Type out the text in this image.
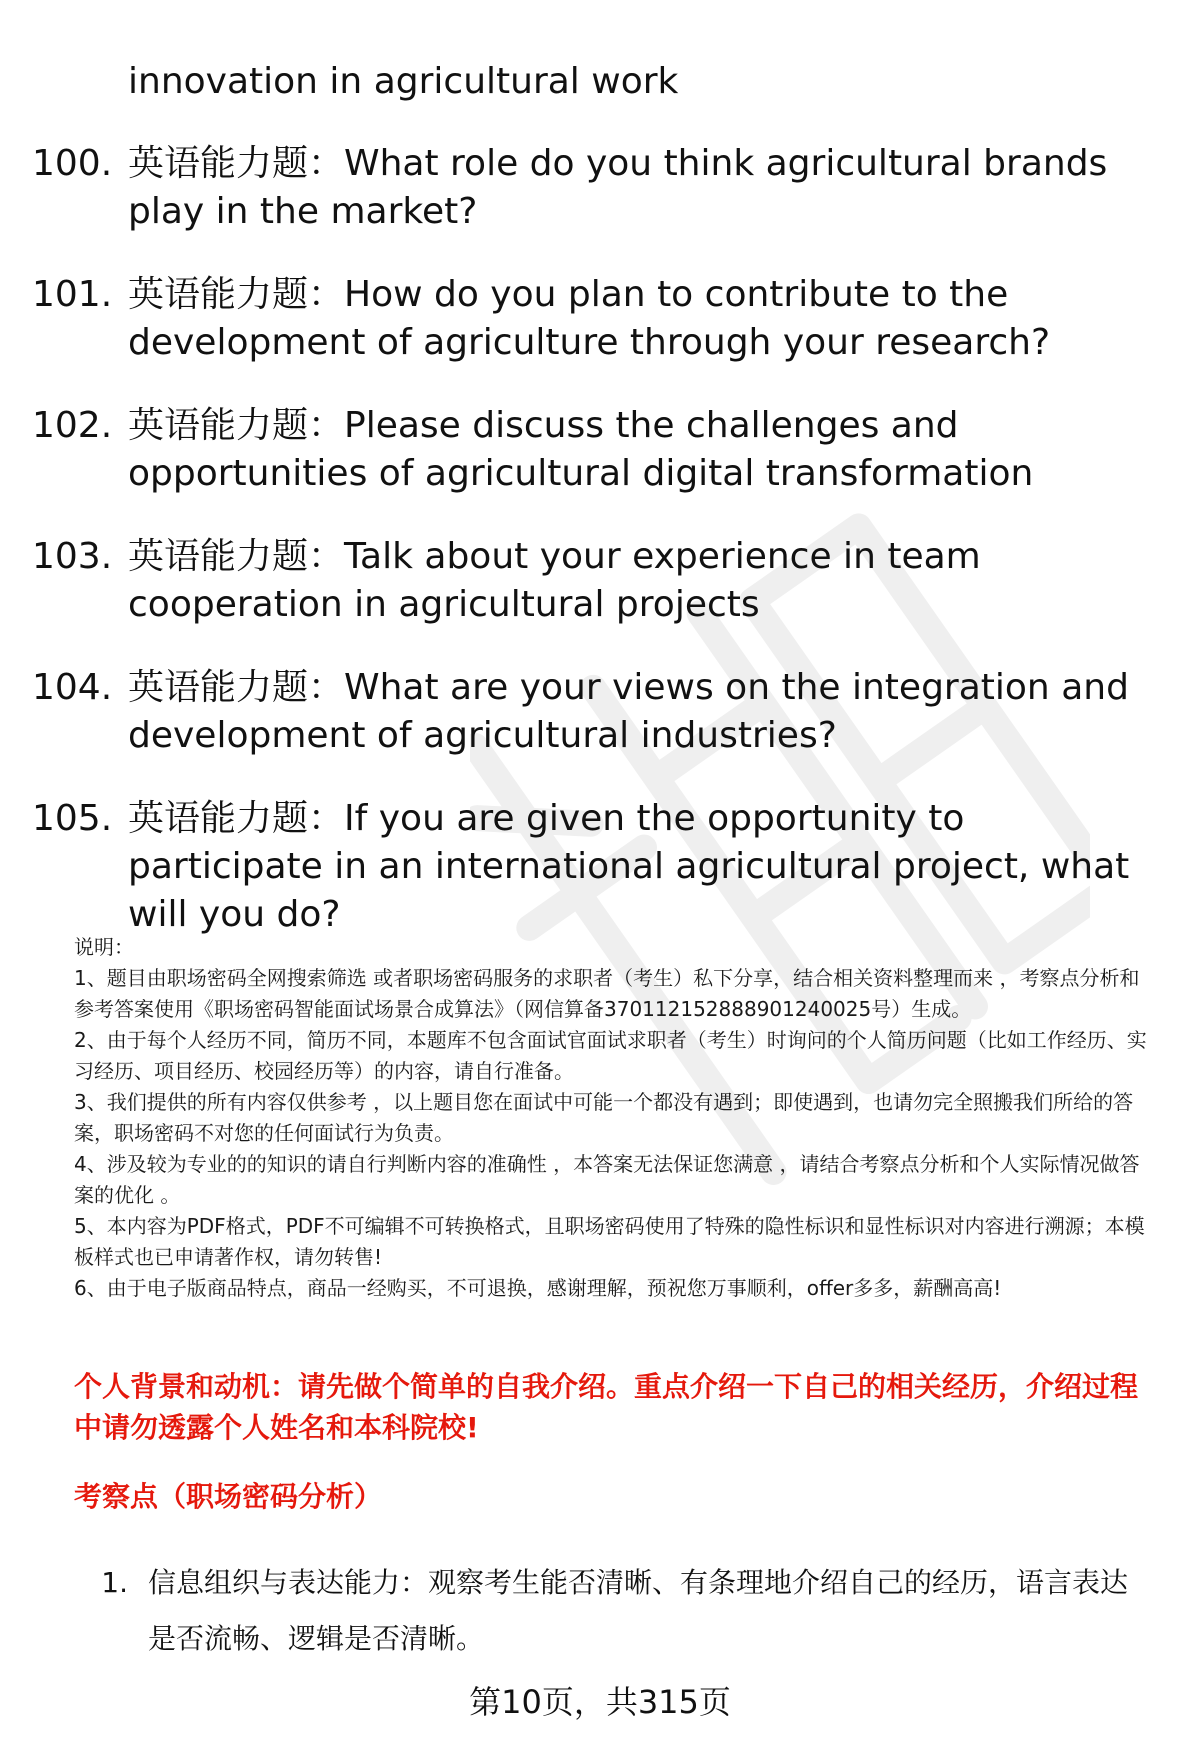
innovation in agricultural work
100. 英语能力题：What role do you think agricultural brands play in the market?
101. 英语能力题：How do you plan to contribute to the development of agriculture through your research?
102. 英语能力题：Please discuss the challenges and opportunities of agricultural digital transformation
103. 英语能力题：Talk about your experience in team cooperation in agricultural projects
104. 英语能力题：What are your views on the integration and development of agricultural industries?
105. 英语能力题：If you are given the opportunity to participate in an international agricultural project, what will you do?

说明：

1、题目由职场密码全网搜索筛选 或者职场密码服务的求职者（考生）私下分享，结合相关资料整理而来 ，考察点分析和参考答案使用《职场密码智能面试场景合成算法》（网信算备370112152888901240025号）生成。

2、由于每个人经历不同，简历不同，本题库不包含面试官面试求职者（考生）时询问的个人简历问题（比如工作经历、实习经历、项目经历、校园经历等）的内容，请自行准备。

3、我们提供的所有内容仅供参考 ，以上题目您在面试中可能一个都没有遇到；即使遇到，也请勿完全照搬我们所给的答案，职场密码不对您的任何面试行为负责。

4、涉及较为专业的的知识的请自行判断内容的准确性 ，本答案无法保证您满意 ，请结合考察点分析和个人实际情况做答案的优化 。

5、本内容为PDF格式，PDF不可编辑不可转换格式，且职场密码使用了特殊的隐性标识和显性标识对内容进行溯源；本模板样式也已申请著作权，请勿转售!

6、由于电子版商品特点，商品一经购买，不可退换，感谢理解，预祝您万事顺利，offer多多，薪酬高高!

个人背景和动机：请先做个简单的自我介绍。重点介绍一下自己的相关经历，介绍过程中请勿透露个人姓名和本科院校!
考察点（职场密码分析）
1. 信息组织与表达能力：观察考生能否清晰、有条理地介绍自己的经历，语言表达是否流畅、逻辑是否清晰。
第10页，共315页
